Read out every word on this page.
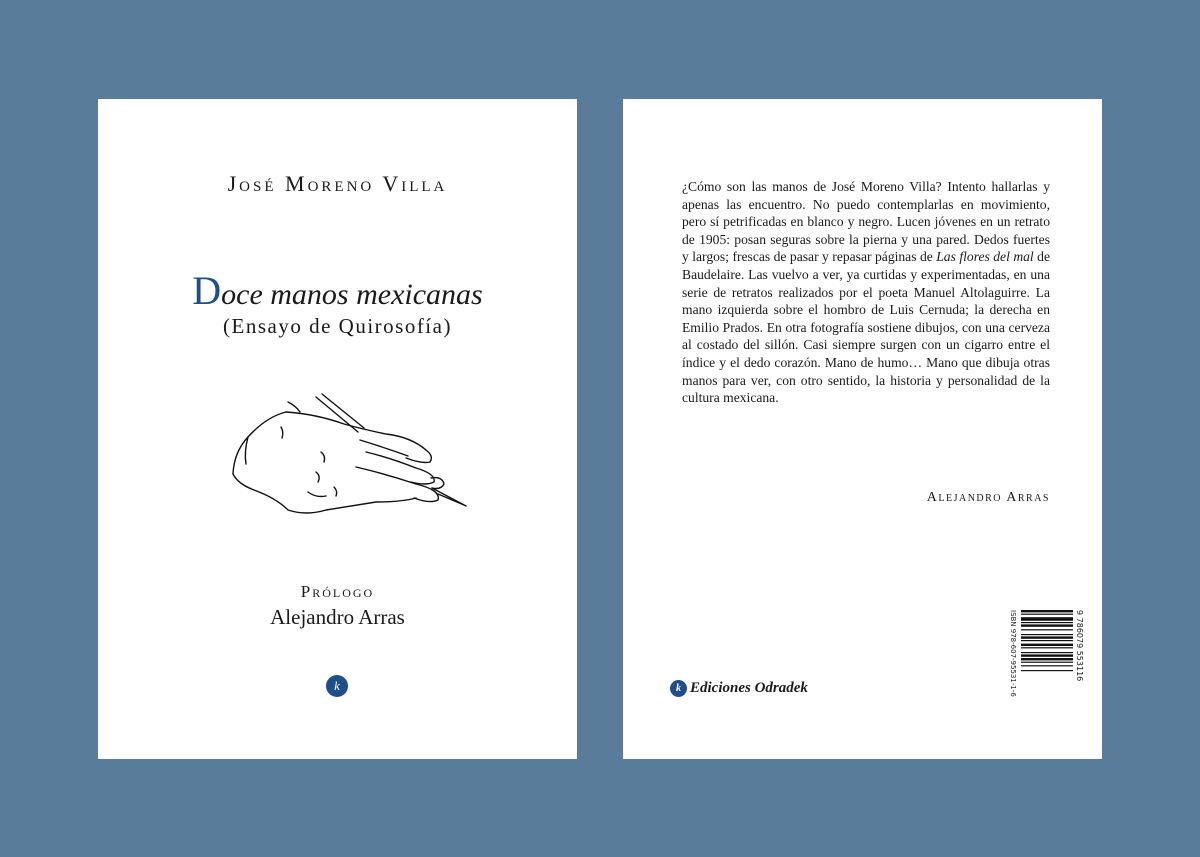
José Moreno Villa
Doce manos mexicanas
(Ensayo de Quirosofía)
Prólogo
Alejandro Arras
k

¿Cómo son las manos de José Moreno Villa? Intento hallarlas y apenas las encuentro. No puedo contemplarlas en movimiento, pero sí petrificadas en blanco y negro. Lucen jóvenes en un retrato de 1905: posan seguras sobre la pierna y una pared. Dedos fuertes y largos; frescas de pasar y repasar páginas de Las flores del mal de Baudelaire. Las vuelvo a ver, ya curtidas y experimentadas, en una serie de retratos realizados por el poeta Manuel Altolaguirre. La mano izquierda sobre el hombro de Luis Cernuda; la derecha en Emilio Prados. En otra fotografía sostiene dibujos, con una cerveza al costado del sillón. Casi siempre surgen con un cigarro entre el índice y el dedo corazón. Mano de humo… Mano que dibuja otras manos para ver, con otro sentido, la historia y personalidad de la cultura mexicana.

Alejandro Arras
k Ediciones Odradek	ISBN 978-607-95531-1-6	9 786079 553116
